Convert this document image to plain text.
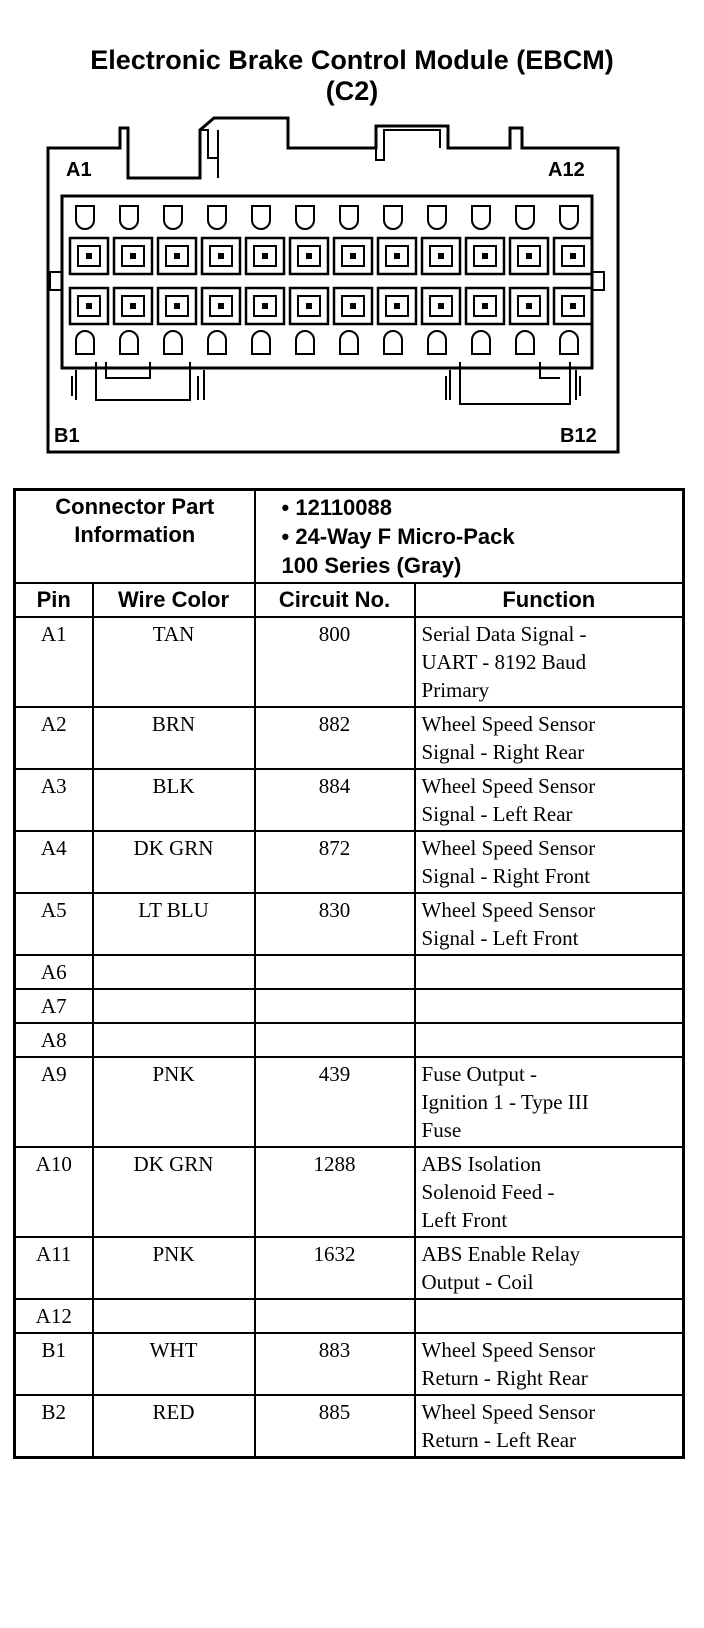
Electronic Brake Control Module (EBCM)
(C2)
A1	A12
B1	B12
Connector Part Information		• 12110088
• 24-Way F Micro-Pack
100 Series (Gray)	

Pin	Wire Color	Circuit No.	Function
A1	TAN	800	Serial Data Signal -
UART - 8192 Baud
Primary
A2	BRN	882	Wheel Speed Sensor
Signal - Right Rear
A3	BLK	884	Wheel Speed Sensor
Signal - Left Rear
A4	DK GRN	872	Wheel Speed Sensor
Signal - Right Front
A5	LT BLU	830	Wheel Speed Sensor
Signal - Left Front
A6			
A7			
A8			
A9	PNK	439	Fuse Output -
Ignition 1 - Type III
Fuse
A10	DK GRN	1288	ABS Isolation
Solenoid Feed -
Left Front
A11	PNK	1632	ABS Enable Relay
Output - Coil
A12			
B1	WHT	883	Wheel Speed Sensor
Return - Right Rear
B2	RED	885	Wheel Speed Sensor
Return - Left Rear
